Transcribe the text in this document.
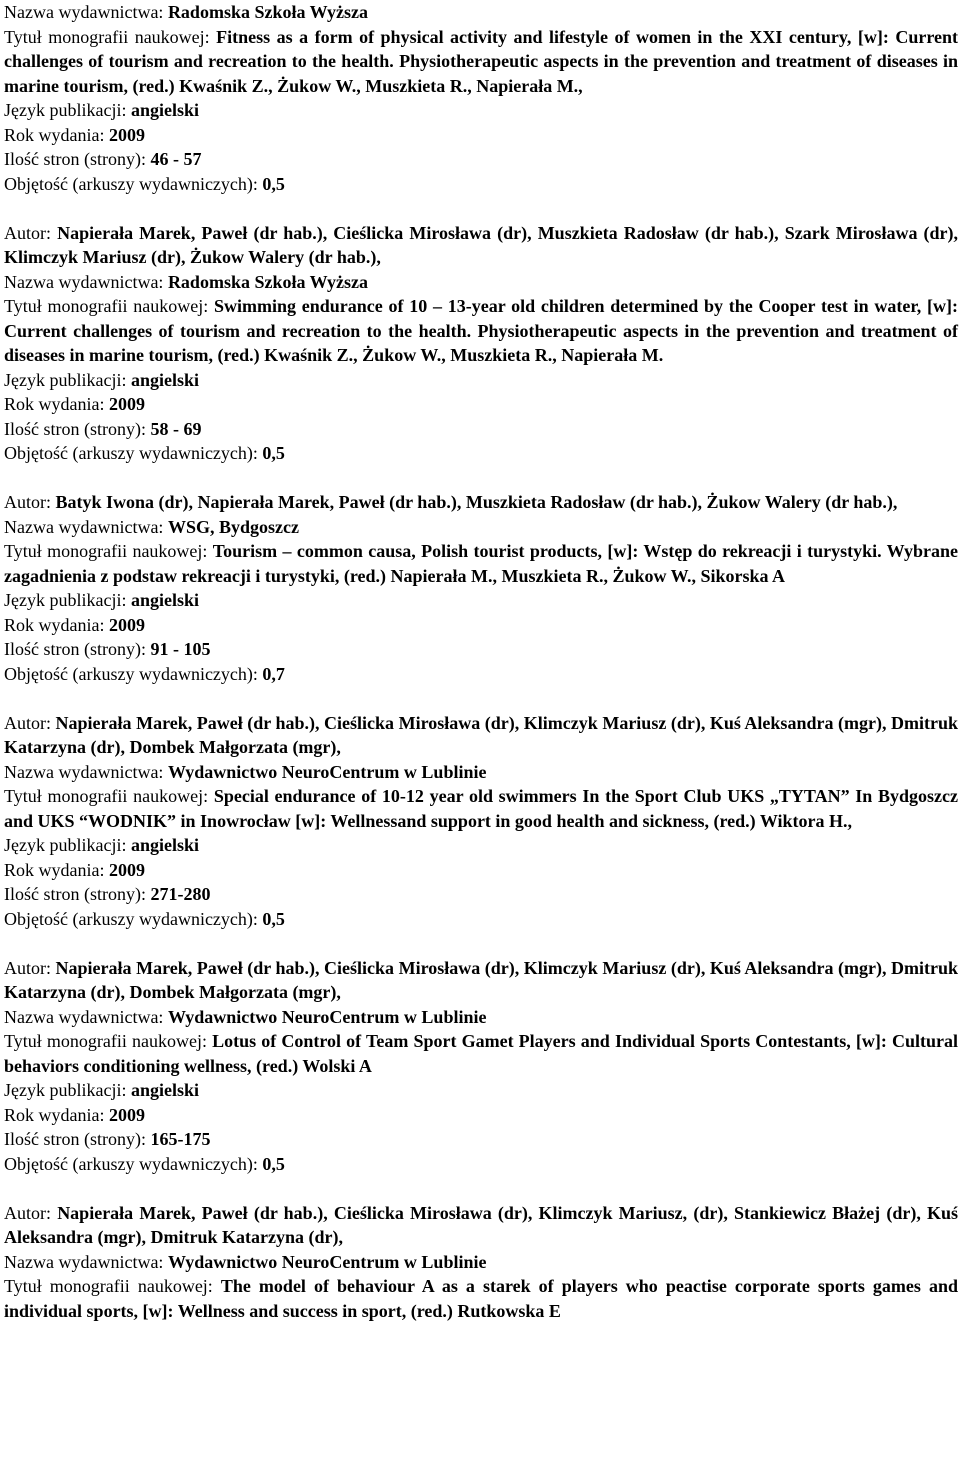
Nazwa wydawnictwa: Radomska Szkoła Wyższa

Tytuł monografii naukowej: Fitness as a form of physical activity and lifestyle of women in the XXI century, [w]: Current challenges of tourism and recreation to the health. Physiotherapeutic aspects in the prevention and treatment of diseases in marine tourism, (red.) Kwaśnik Z., Żukow W., Muszkieta R., Napierała M.,

Język publikacji: angielski

Rok wydania: 2009

Ilość stron (strony): 46 - 57

Objętość (arkuszy wydawniczych): 0,5

Autor: Napierała Marek, Paweł (dr hab.), Cieślicka Mirosława (dr), Muszkieta Radosław (dr hab.), Szark Mirosława (dr), Klimczyk Mariusz (dr), Żukow Walery (dr hab.),

Nazwa wydawnictwa: Radomska Szkoła Wyższa

Tytuł monografii naukowej: Swimming endurance of 10 – 13-year old children determined by the Cooper test in water, [w]: Current challenges of tourism and recreation to the health. Physiotherapeutic aspects in the prevention and treatment of diseases in marine tourism, (red.) Kwaśnik Z., Żukow W., Muszkieta R., Napierała M.

Język publikacji: angielski

Rok wydania: 2009

Ilość stron (strony): 58 - 69

Objętość (arkuszy wydawniczych): 0,5

Autor: Batyk Iwona (dr), Napierała Marek, Paweł (dr hab.), Muszkieta Radosław (dr hab.), Żukow Walery (dr hab.),

Nazwa wydawnictwa: WSG, Bydgoszcz

Tytuł monografii naukowej: Tourism – common causa, Polish tourist products, [w]: Wstęp do rekreacji i turystyki. Wybrane zagadnienia z podstaw rekreacji i turystyki, (red.) Napierała M., Muszkieta R., Żukow W., Sikorska A

Język publikacji: angielski

Rok wydania: 2009

Ilość stron (strony): 91 - 105

Objętość (arkuszy wydawniczych): 0,7

Autor: Napierała Marek, Paweł (dr hab.), Cieślicka Mirosława (dr), Klimczyk Mariusz (dr), Kuś Aleksandra (mgr), Dmitruk Katarzyna (dr), Dombek Małgorzata (mgr),

Nazwa wydawnictwa: Wydawnictwo NeuroCentrum w Lublinie

Tytuł monografii naukowej: Special endurance of 10-12 year old swimmers In the Sport Club UKS „TYTAN” In Bydgoszcz and UKS “WODNIK” in Inowrocław [w]: Wellnessand support in good health and sickness, (red.) Wiktora H.,

Język publikacji: angielski

Rok wydania: 2009

Ilość stron (strony): 271-280

Objętość (arkuszy wydawniczych): 0,5

Autor: Napierała Marek, Paweł (dr hab.), Cieślicka Mirosława (dr), Klimczyk Mariusz (dr), Kuś Aleksandra (mgr), Dmitruk Katarzyna (dr), Dombek Małgorzata (mgr),

Nazwa wydawnictwa: Wydawnictwo NeuroCentrum w Lublinie

Tytuł monografii naukowej: Lotus of Control of Team Sport Gamet Players and Individual Sports Contestants, [w]: Cultural behaviors conditioning wellness, (red.) Wolski A

Język publikacji: angielski

Rok wydania: 2009

Ilość stron (strony): 165-175

Objętość (arkuszy wydawniczych): 0,5

Autor: Napierała Marek, Paweł (dr hab.), Cieślicka Mirosława (dr), Klimczyk Mariusz, (dr), Stankiewicz Błażej (dr), Kuś Aleksandra (mgr), Dmitruk Katarzyna (dr),

Nazwa wydawnictwa: Wydawnictwo NeuroCentrum w Lublinie

Tytuł monografii naukowej: The model of behaviour A as a starek of players who peactise corporate sports games and individual sports, [w]: Wellness and success in sport, (red.) Rutkowska E
